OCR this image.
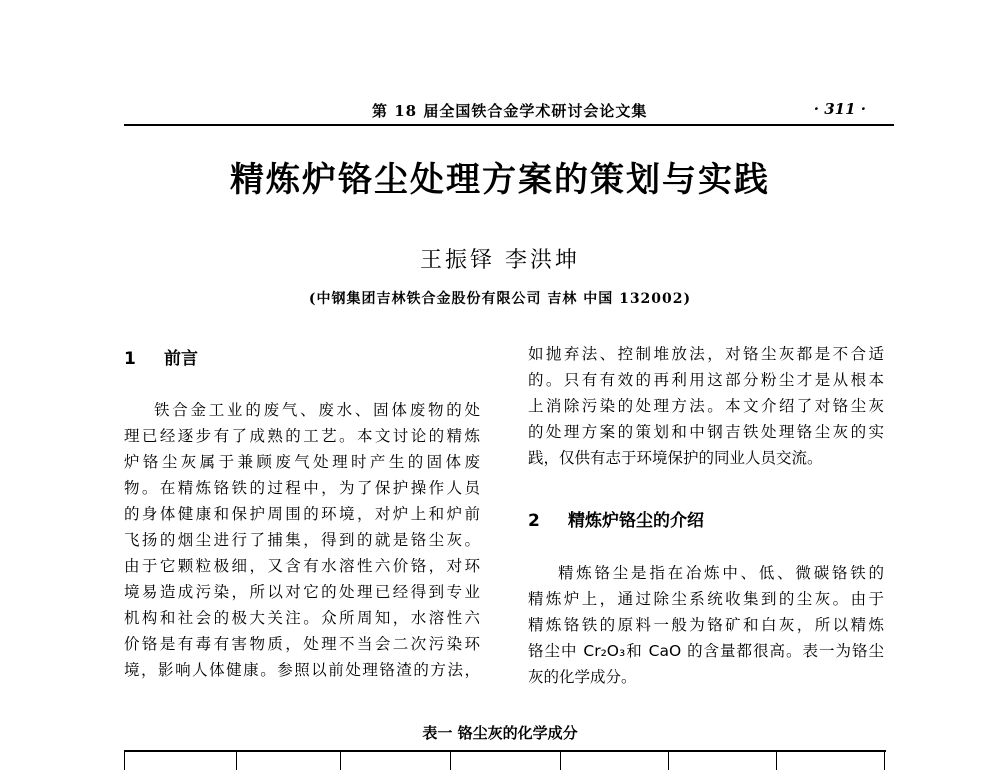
第 18 届全国铁合金学术研讨会论文集	· 311 ·
精炼炉铬尘处理方案的策划与实践
王振铎 李洪坤
(中钢集团吉林铁合金股份有限公司 吉林 中国 132002)
1 前言
铁合金工业的废气、废水、固体废物的处
理已经逐步有了成熟的工艺。本文讨论的精炼
炉铬尘灰属于兼顾废气处理时产生的固体废
物。在精炼铬铁的过程中，为了保护操作人员
的身体健康和保护周围的环境，对炉上和炉前
飞扬的烟尘进行了捕集，得到的就是铬尘灰。
由于它颗粒极细，又含有水溶性六价铬，对环
境易造成污染，所以对它的处理已经得到专业
机构和社会的极大关注。众所周知，水溶性六
价铬是有毒有害物质，处理不当会二次污染环
境，影响人体健康。参照以前处理铬渣的方法，
如抛弃法、控制堆放法，对铬尘灰都是不合适
的。只有有效的再利用这部分粉尘才是从根本
上消除污染的处理方法。本文介绍了对铬尘灰
的处理方案的策划和中钢吉铁处理铬尘灰的实
践，仅供有志于环境保护的同业人员交流。
2 精炼炉铬尘的介绍
精炼铬尘是指在冶炼中、低、微碳铬铁的
精炼炉上，通过除尘系统收集到的尘灰。由于
精炼铬铁的原料一般为铬矿和白灰，所以精炼
铬尘中 Cr₂O₃和 CaO 的含量都很高。表一为铬尘
灰的化学成分。
表一 铬尘灰的化学成分
